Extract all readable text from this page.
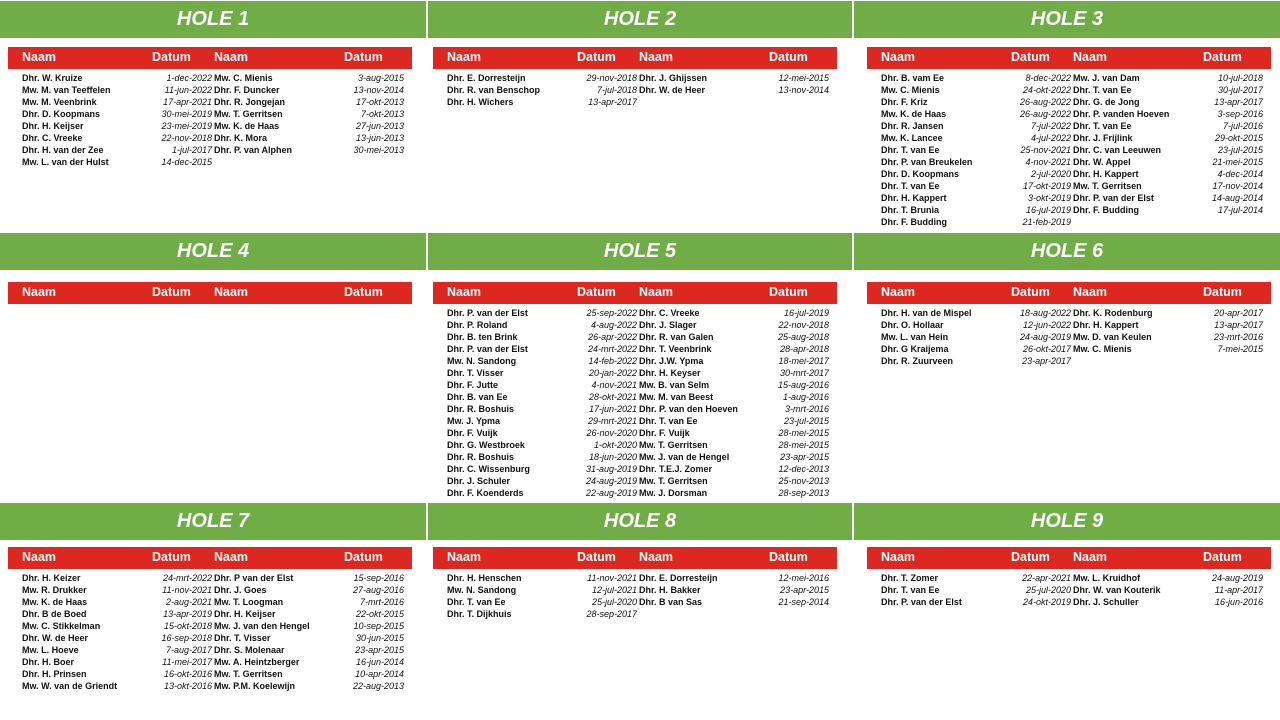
HOLE 1	HOLE 2	HOLE 3
Naam	Datum Naam	Datum
Dhr. W. Kruize	1-dec-2022
Mw. M. van Teeffelen	11-jun-2022
Mw. M. Veenbrink	17-apr-2021
Dhr. D. Koopmans	30-mei-2019
Dhr. H. Keijser	23-mei-2019
Dhr. C. Vreeke	22-nov-2018
Dhr. H. van der Zee	1-jul-2017
Mw. L. van der Hulst	14-dec-2015
Mw. C. Mienis	3-aug-2015
Dhr. F. Duncker	13-nov-2014
Dhr. R. Jongejan	17-okt-2013
Mw. T. Gerritsen	7-okt-2013
Mw. K. de Haas	27-jun-2013
Dhr. K. Mora	13-jun-2013
Dhr. P. van Alphen	30-mei-2013
Naam	Datum Naam	Datum
Dhr. E. Dorresteijn	29-nov-2018
Dhr. R. van Benschop	7-jul-2018
Dhr. H. Wichers	13-apr-2017
Dhr. J. Ghijssen	12-mei-2015
Dhr. W. de Heer	13-nov-2014
Naam	Datum Naam	Datum
Dhr. B. vam Ee	8-dec-2022
Mw. C. Mienis	24-okt-2022
Dhr. F. Kriz	26-aug-2022
Mw. K. de Haas	26-aug-2022
Dhr. R. Jansen	7-jul-2022
Mw. K. Lancee	4-jul-2022
Dhr. T. van Ee	25-nov-2021
Dhr. P. van Breukelen	4-nov-2021
Dhr. D. Koopmans	2-jul-2020
Dhr. T. van Ee	17-okt-2019
Dhr. H. Kappert	3-okt-2019
Dhr. T. Brunia	16-jul-2019
Dhr. F. Budding	21-feb-2019
Mw. J. van Dam	10-jul-2018
Dhr. T. van Ee	30-jul-2017
Dhr. G. de Jong	13-apr-2017
Dhr. P. vanden Hoeven	3-sep-2016
Dhr. T. van Ee	7-jul-2016
Dhr. J. Frijlink	29-okt-2015
Dhr. C. van Leeuwen	23-jul-2015
Dhr. W. Appel	21-mei-2015
Dhr. H. Kappert	4-dec-2014
Mw. T. Gerritsen	17-nov-2014
Dhr. P. van der Elst	14-aug-2014
Dhr. F. Budding	17-jul-2014
HOLE 4	HOLE 5	HOLE 6
Naam	Datum Naam	Datum	Naam	Datum Naam	Datum
Dhr. P. van der Elst	25-sep-2022
Dhr. P. Roland	4-aug-2022
Dhr. B. ten Brink	26-apr-2022
Dhr. P. van der Elst	24-mrt-2022
Mw. N. Sandong	14-feb-2022
Dhr. T. Visser	20-jan-2022
Dhr. F. Jutte	4-nov-2021
Dhr. B. van Ee	28-okt-2021
Dhr. R. Boshuis	17-jun-2021
Mw. J. Ypma	29-mrt-2021
Dhr. F. Vuijk	26-nov-2020
Dhr. G. Westbroek	1-okt-2020
Dhr. R. Boshuis	18-jun-2020
Dhr. C. Wissenburg	31-aug-2019
Dhr. J. Schuler	24-aug-2019
Dhr. F. Koenderds	22-aug-2019
Dhr. C. Vreeke	16-jul-2019
Dhr. J. Slager	22-nov-2018
Dhr. R. van Galen	25-aug-2018
Dhr. T. Veenbrink	28-apr-2018
Dhr. J.W. Ypma	18-mei-2017
Dhr. H. Keyser	30-mrt-2017
Mw. B. van Selm	15-aug-2016
Mw. M. van Beest	1-aug-2016
Dhr. P. van den Hoeven	3-mrt-2016
Dhr. T. van Ee	23-jul-2015
Dhr. F. Vuijk	28-mei-2015
Mw. T. Gerritsen	28-mei-2015
Mw. J. van de Hengel	23-apr-2015
Dhr. T.E.J. Zomer	12-dec-2013
Mw. T. Gerritsen	25-nov-2013
Mw. J. Dorsman	28-sep-2013
Naam	Datum Naam	Datum
Dhr. H. van de Mispel	18-aug-2022
Dhr. O. Hollaar	12-jun-2022
Mw. L. van Hein	24-aug-2019
Dhr. G Kraijema	26-okt-2017
Dhr. R. Zuurveen	23-apr-2017
Dhr. K. Rodenburg	20-apr-2017
Dhr. H. Kappert	13-apr-2017
Mw. D. van Keulen	23-mrt-2016
Mw. C. Mienis	7-mei-2015
HOLE 7	HOLE 8	HOLE 9
Naam	Datum Naam	Datum
Dhr. H. Keizer	24-mrt-2022
Mw. R. Drukker	11-nov-2021
Mw. K. de Haas	2-aug-2021
Dhr. B de Boed	13-apr-2019
Mw. C. Stikkelman	15-okt-2018
Dhr. W. de Heer	16-sep-2018
Mw. L. Hoeve	7-aug-2017
Dhr. H. Boer	11-mei-2017
Dhr. H. Prinsen	16-okt-2016
Mw. W. van de Griendt	13-okt-2016
Dhr. P van der Elst	15-sep-2016
Dhr. J. Goes	27-aug-2016
Mw. T. Loogman	7-mrt-2016
Dhr. H. Keijser	22-okt-2015
Mw. J. van den Hengel	10-sep-2015
Dhr. T. Visser	30-jun-2015
Dhr. S. Molenaar	23-apr-2015
Mw. A. Heintzberger	16-jun-2014
Mw. T. Gerritsen	10-apr-2014
Mw. P.M. Koelewijn	22-aug-2013
Naam	Datum Naam	Datum
Dhr. H. Henschen	11-nov-2021
Mw. N. Sandong	12-jul-2021
Dhr. T. van Ee	25-jul-2020
Dhr. T. Dijkhuis	28-sep-2017
Dhr. E. Dorresteijn	12-mei-2016
Dhr. H. Bakker	23-apr-2015
Dhr. B van Sas	21-sep-2014
Naam	Datum Naam	Datum
Dhr. T. Zomer	22-apr-2021
Dhr. T. van Ee	25-jul-2020
Dhr. P. van der Elst	24-okt-2019
Mw. L. Kruidhof	24-aug-2019
Dhr. W. van Kouterik	11-apr-2017
Dhr. J. Schuller	16-jun-2016
